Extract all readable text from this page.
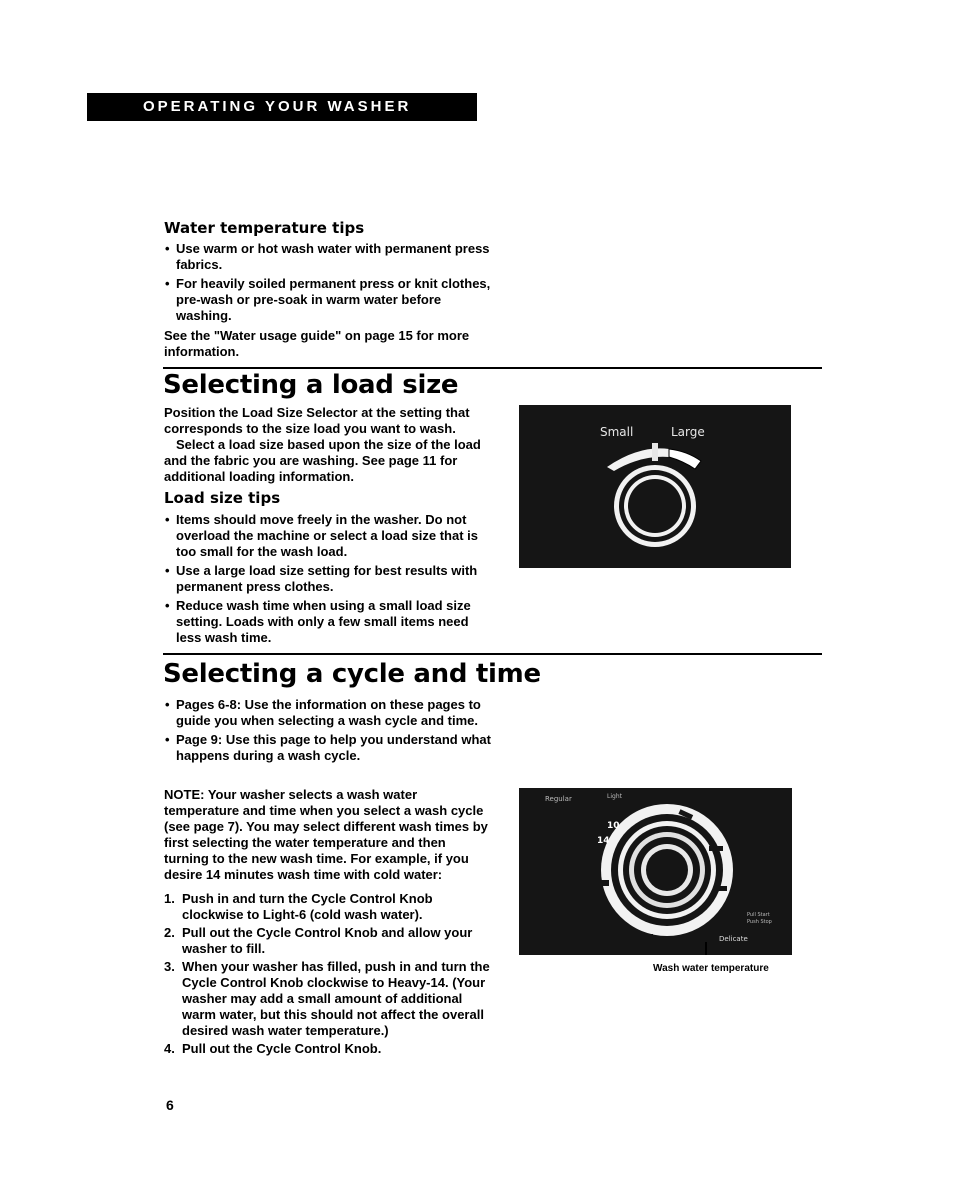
OPERATING YOUR WASHER
Water temperature tips
• Use warm or hot wash water with permanent press fabrics.
• For heavily soiled permanent press or knit clothes, pre-wash or pre-soak in warm water before washing.
See the "Water usage guide" on page 15 for more information.
Selecting a load size
Position the Load Size Selector at the setting that corresponds to the size load you want to wash.
Select a load size based upon the size of the load and the fabric you are washing. See page 11 for additional loading information.
Load size tips
• Items should move freely in the washer. Do not overload the machine or select a load size that is too small for the wash load.
• Use a large load size setting for best results with permanent press clothes.
• Reduce wash time when using a small load size setting. Loads with only a few small items need less wash time.
Small	Large
Selecting a cycle and time
• Pages 6-8: Use the information on these pages to guide you when selecting a wash cycle and time.
• Page 9: Use this page to help you understand what happens during a wash cycle.
NOTE: Your washer selects a wash water temperature and time when you select a wash cycle (see page 7). You may select different wash times by first selecting the water temperature and then turning to the new wash time. For example, if you desire 14 minutes wash time with cold water:
1. Push in and turn the Cycle Control Knob clockwise to Light-6 (cold wash water).
2. Pull out the Cycle Control Knob and allow your washer to fill.
3. When your washer has filled, push in and turn the Cycle Control Knob clockwise to Heavy-14. (Your washer may add a small amount of additional warm water, but this should not affect the overall desired wash water temperature.)
4. Pull out the Cycle Control Knob.
Regular	Light
Pull Start
Push Stop
Delicate
10
14
Wash water temperature
6
